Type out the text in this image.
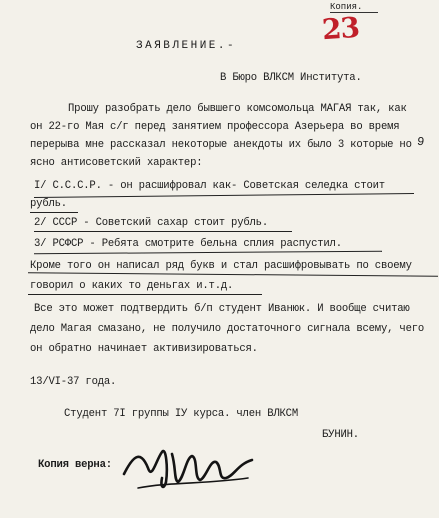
Копия.
23
ЗАЯВЛЕНИЕ.-
В Бюро ВЛКСМ Института.
Прошу разобрать дело бывшего комсомольца МАГАЯ так, как
он 22-го Мая с/г перед занятием профессора Азерьера во время
перерыва мне рассказал некоторые анекдоты их было 3 которые но
ясно антисоветский характер:
9
I/ С.С.С.Р. - он расшифровал как- Советская селедка стоит
рубль.
2/ СССР - Советский сахар стоит рубль.
3/ РСФСР - Ребята смотрите бельна сплия распустил.
Кроме того он написал ряд букв и стал расшифровывать по своему
говорил о каких то деньгах и.т.д.
Все это может подтвердить б/п студент Иванюк. И вообще считаю
дело Магая смазано, не получило достаточного сигнала всему, чего
он обратно начинает активизироваться.
13/VI-37 года.
Студент 7I группы IУ курса. член ВЛКСМ
БУНИН.
Копия верна:
